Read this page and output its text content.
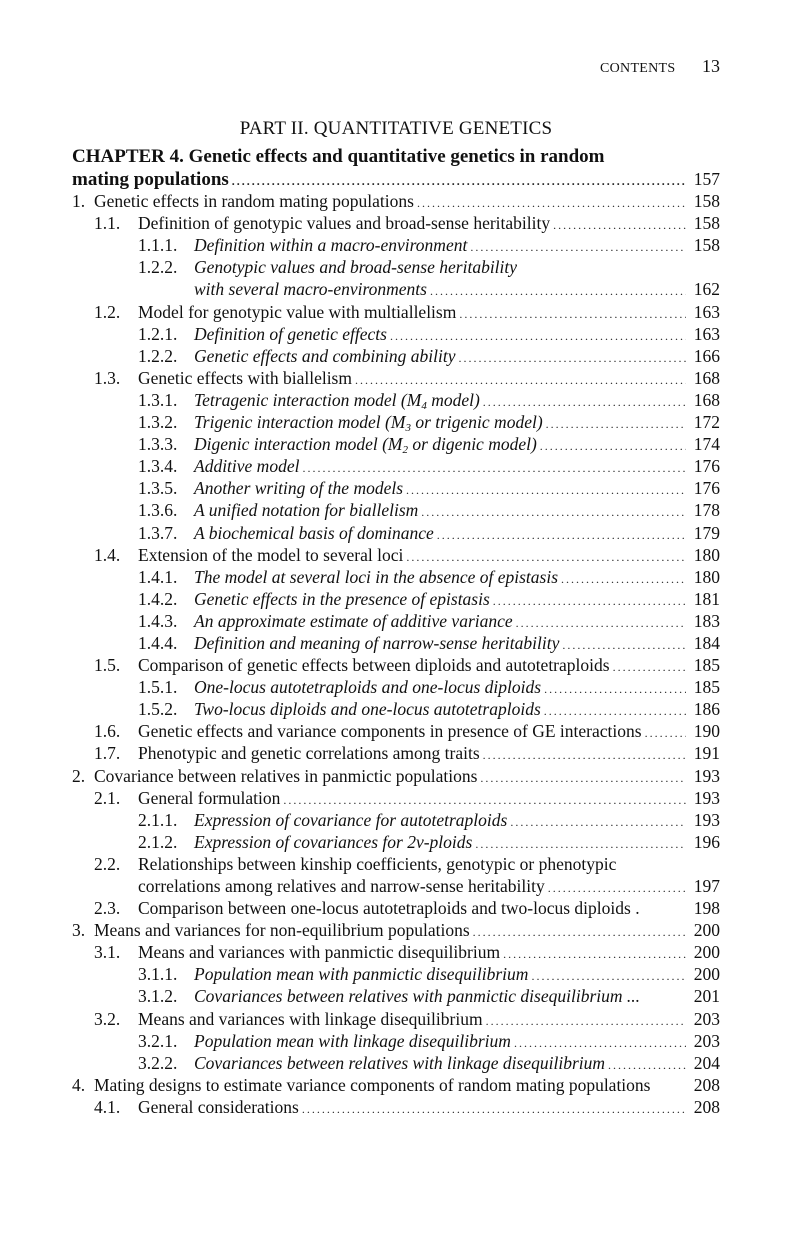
CONTENTS 13
PART II. QUANTITATIVE GENETICS
CHAPTER 4. Genetic effects and quantitative genetics in random
mating populations .....	157
1. Genetic effects in random mating populations .....	158
1.1. Definition of genotypic values and broad-sense heritability .....	158
1.1.1. Definition within a macro-environment .....	158
1.2.2. Genotypic values and broad-sense heritability
with several macro-environments .....	162
1.2. Model for genotypic value with multiallelism .....	163
1.2.1. Definition of genetic effects .....	163
1.2.2. Genetic effects and combining ability .....	166
1.3. Genetic effects with biallelism .....	168
1.3.1. Tetragenic interaction model ($M_4$ model) .....	168
1.3.2. Trigenic interaction model ($M_3$ or trigenic model) .....	172
1.3.3. Digenic interaction model ($M_2$ or digenic model) .....	174
1.3.4. Additive model .....	176
1.3.5. Another writing of the models .....	176
1.3.6. A unified notation for biallelism .....	178
1.3.7. A biochemical basis of dominance .....	179
1.4. Extension of the model to several loci .....	180
1.4.1. The model at several loci in the absence of epistasis .....	180
1.4.2. Genetic effects in the presence of epistasis .....	181
1.4.3. An approximate estimate of additive variance .....	183
1.4.4. Definition and meaning of narrow-sense heritability .....	184
1.5. Comparison of genetic effects between diploids and autotetraploids .....	185
1.5.1. One-locus autotetraploids and one-locus diploids .....	185
1.5.2. Two-locus diploids and one-locus autotetraploids .....	186
1.6. Genetic effects and variance components in presence of GE interactions .....	190
1.7. Phenotypic and genetic correlations among traits .....	191
2. Covariance between relatives in panmictic populations .....	193
2.1. General formulation .....	193
2.1.1. Expression of covariance for autotetraploids .....	193
2.1.2. Expression of covariances for 2v-ploids .....	196
2.2. Relationships between kinship coefficients, genotypic or phenotypic
correlations among relatives and narrow-sense heritability .....	197
2.3. Comparison between one-locus autotetraploids and two-locus diploids .	198
3. Means and variances for non-equilibrium populations .....	200
3.1. Means and variances with panmictic disequilibrium .....	200
3.1.1. Population mean with panmictic disequilibrium .....	200
3.1.2. Covariances between relatives with panmictic disequilibrium ...	201
3.2. Means and variances with linkage disequilibrium .....	203
3.2.1. Population mean with linkage disequilibrium .....	203
3.2.2. Covariances between relatives with linkage disequilibrium .....	204
4. Mating designs to estimate variance components of random mating populations 208
4.1. General considerations .....	208
